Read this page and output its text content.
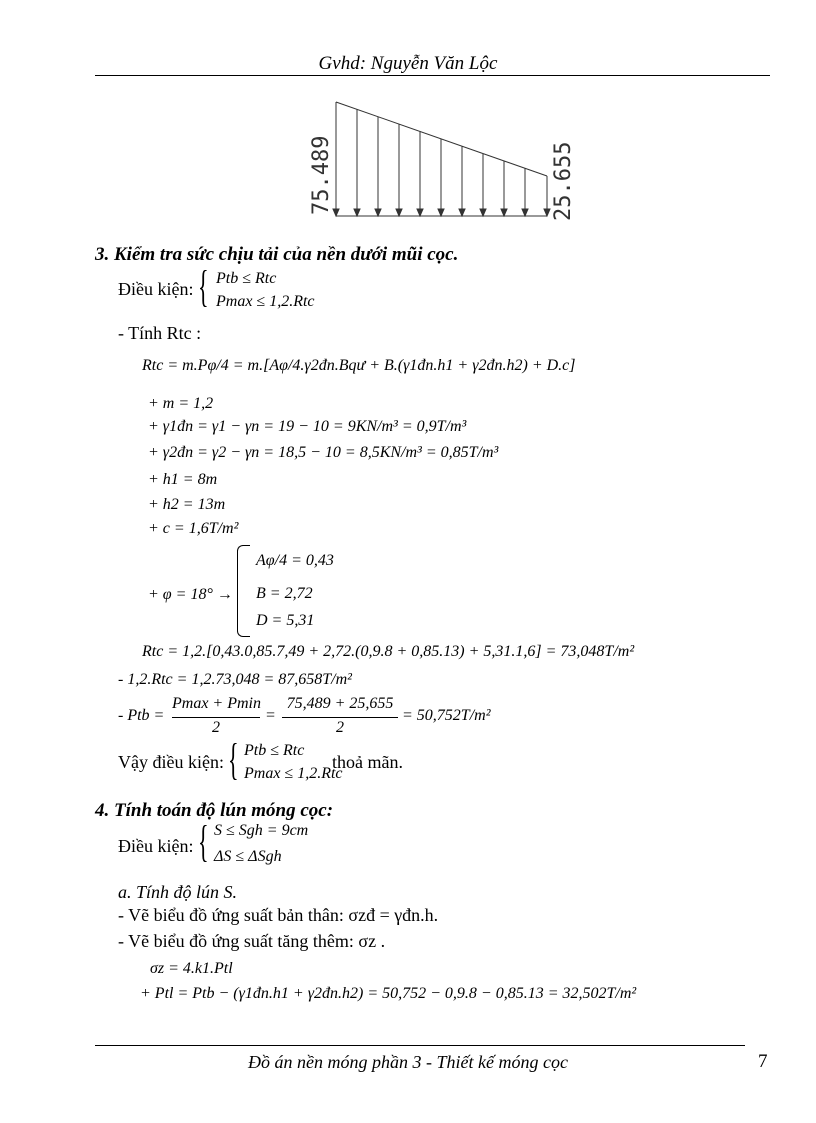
Gvhd: Nguyễn Văn Lộc
75.489	25.655
3. Kiểm tra sức chịu tải của nền dưới mũi cọc.
Điều kiện: { Ptb ≤ Rtc
Pmax ≤ 1,2.Rtc
- Tính Rtc :
Rtc = m.Pφ/4 = m.[Aφ/4.γ2đn.Bqư + B.(γ1đn.h1 + γ2đn.h2) + D.c]
+ m = 1,2
+ γ1đn = γ1 − γn = 19 − 10 = 9KN/m³ = 0,9T/m³
+ γ2đn = γ2 − γn = 18,5 − 10 = 8,5KN/m³ = 0,85T/m³
+ h1 = 8m
+ h2 = 13m
+ c = 1,6T/m²
+ φ = 18° →
Aφ/4 = 0,43
B = 2,72
D = 5,31
Rtc = 1,2.[0,43.0,85.7,49 + 2,72.(0,9.8 + 0,85.13) + 5,31.1,6] = 73,048T/m²
- 1,2.Rtc = 1,2.73,048 = 87,658T/m²
- Ptb =
Pmax + Pmin
2
=
75,489 + 25,655
2
= 50,752T/m²
Vậy điều kiện: { Ptb ≤ Rtc
Pmax ≤ 1,2.Rtc
thoả mãn.
4. Tính toán độ lún móng cọc:
Điều kiện: { S ≤ Sgh = 9cm
ΔS ≤ ΔSgh
a. Tính độ lún S.
- Vẽ biểu đồ ứng suất bản thân: σzđ = γđn.h.
- Vẽ biểu đồ ứng suất tăng thêm: σz .
σz = 4.k1.Ptl
+ Ptl = Ptb − (γ1đn.h1 + γ2đn.h2) = 50,752 − 0,9.8 − 0,85.13 = 32,502T/m²
Đồ án nền móng phần 3 - Thiết kế móng cọc	7
